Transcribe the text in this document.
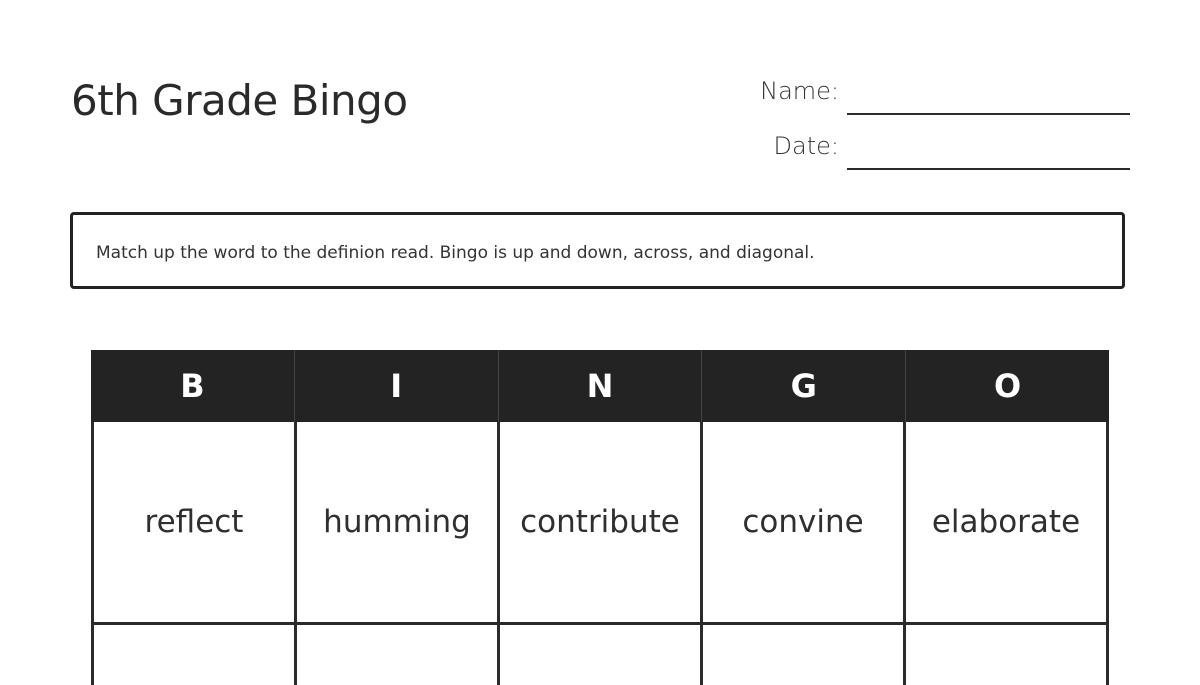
6th Grade Bingo	Name:
Date:
Match up the word to the definion read. Bingo is up and down, across, and diagonal.
B	I	N	G	O
reflect	humming	contribute	convine	elaborate
